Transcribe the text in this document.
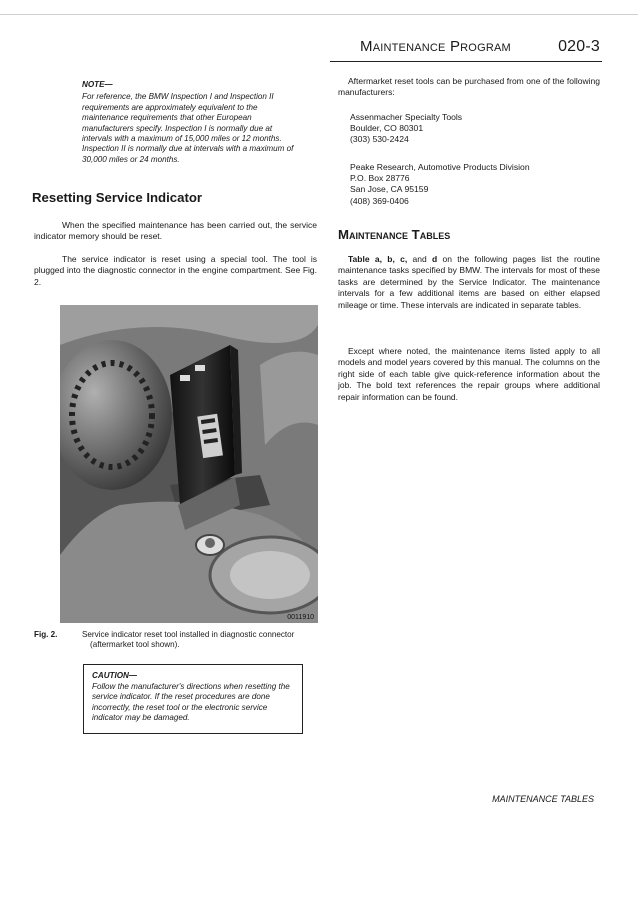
Maintenance Program	020-3
NOTE—
For reference, the BMW Inspection I and Inspection II requirements are approximately equivalent to the maintenance requirements that other European manufacturers specify. Inspection I is normally due at intervals with a maximum of 15,000 miles or 12 months. Inspection II is normally due at intervals with a maximum of 30,000 miles or 24 months.
Resetting Service Indicator
When the specified maintenance has been carried out, the service indicator memory should be reset.
The service indicator is reset using a special tool. The tool is plugged into the diagnostic connector in the engine compartment. See Fig. 2.
0011910
Fig. 2.	Service indicator reset tool installed in diagnostic connector
(aftermarket tool shown).
CAUTION—
Follow the manufacturer's directions when resetting the service indicator. If the reset procedures are done incorrectly, the reset tool or the electronic service indicator may be damaged.
Aftermarket reset tools can be purchased from one of the following manufacturers:
Assenmacher Specialty Tools
Boulder, CO 80301
(303) 530-2424
Peake Research, Automotive Products Division
P.O. Box 28776
San Jose, CA 95159
(408) 369-0406
Maintenance Tables
Table a, b, c, and d on the following pages list the routine maintenance tasks specified by BMW. The intervals for most of these tasks are determined by the Service Indicator. The maintenance intervals for a few additional items are based on either elapsed mileage or time. These intervals are indicated in separate tables.
Except where noted, the maintenance items listed apply to all models and model years covered by this manual. The columns on the right side of each table give quick-reference information about the job. The bold text references the repair groups where additional repair information can be found.
MAINTENANCE TABLES
